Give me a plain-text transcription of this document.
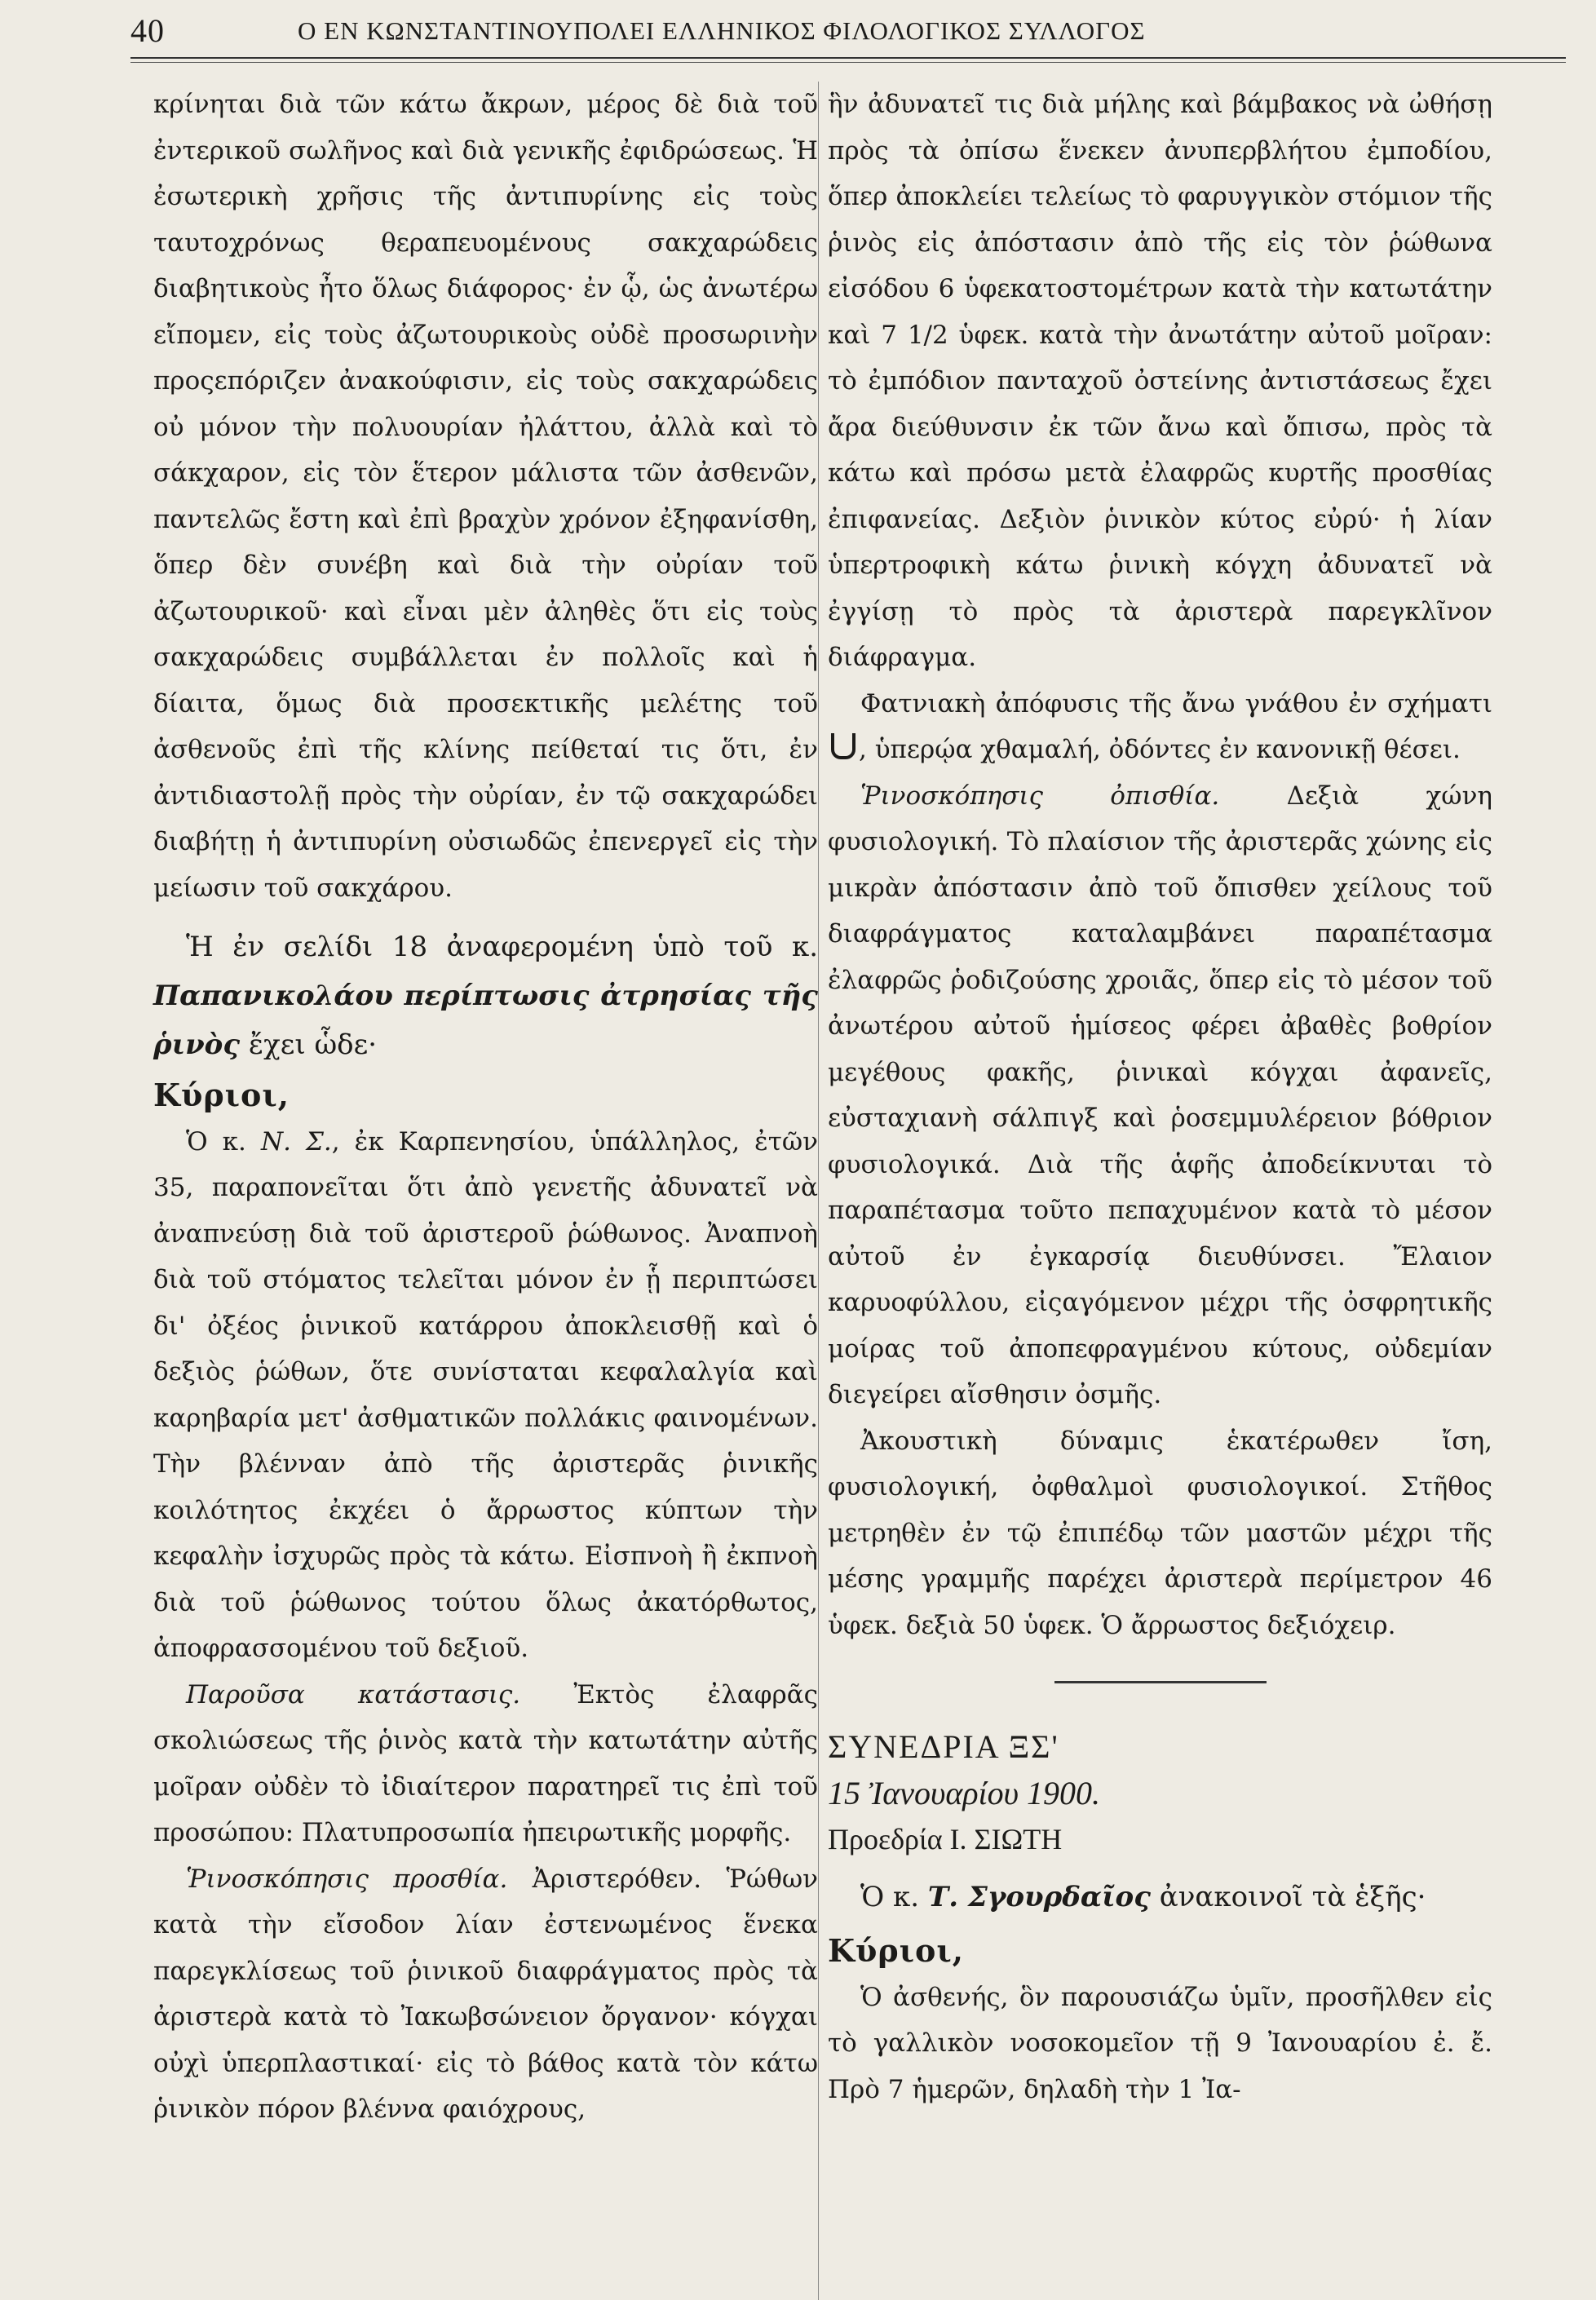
40	Ο ΕΝ ΚΩΝΣΤΑΝΤΙΝΟΥΠΟΛΕΙ ΕΛΛΗΝΙΚΟΣ ΦΙΛΟΛΟΓΙΚΟΣ ΣΥΛΛΟΓΟΣ

κρίνηται διὰ τῶν κάτω ἄκρων, μέρος δὲ διὰ τοῦ ἐντερικοῦ σωλῆνος καὶ διὰ γενικῆς ἐφιδρώσεως. Ἡ ἐσωτερικὴ χρῆσις τῆς ἀντιπυρίνης εἰς τοὺς ταυτοχρόνως θεραπευομένους σακχαρώδεις διαβητικοὺς ἦτο ὅλως διάφορος· ἐν ᾧ, ὡς ἀνωτέρω εἴπομεν, εἰς τοὺς ἀζωτουρικοὺς οὐδὲ προσωρινὴν προςεπόριζεν ἀνακούφισιν, εἰς τοὺς σακχαρώδεις οὐ μόνον τὴν πολυουρίαν ἠλάττου, ἀλλὰ καὶ τὸ σάκχαρον, εἰς τὸν ἕτερον μάλιστα τῶν ἀσθενῶν, παντελῶς ἔστη καὶ ἐπὶ βραχὺν χρόνον ἐξηφανίσθη, ὅπερ δὲν συνέβη καὶ διὰ τὴν οὐρίαν τοῦ ἀζωτουρικοῦ· καὶ εἶναι μὲν ἀληθὲς ὅτι εἰς τοὺς σακχαρώδεις συμβάλλεται ἐν πολλοῖς καὶ ἡ δίαιτα, ὅμως διὰ προσεκτικῆς μελέτης τοῦ ἀσθενοῦς ἐπὶ τῆς κλίνης πείθεταί τις ὅτι, ἐν ἀντιδιαστολῇ πρὸς τὴν οὐρίαν, ἐν τῷ σακχαρώδει διαβήτῃ ἡ ἀντιπυρίνη οὐσιωδῶς ἐπενεργεῖ εἰς τὴν μείωσιν τοῦ σακχάρου.

Ἡ ἐν σελίδι 18 ἀναφερομένη ὑπὸ τοῦ κ. Παπανικολάου περίπτωσις ἀτρησίας τῆς ῥινὸς ἔχει ὧδε·

Κύριοι,

Ὁ κ. Ν. Σ., ἐκ Καρπενησίου, ὑπάλληλος, ἐτῶν 35, παραπονεῖται ὅτι ἀπὸ γενετῆς ἀδυνατεῖ νὰ ἀναπνεύσῃ διὰ τοῦ ἀριστεροῦ ῥώθωνος. Ἀναπνοὴ διὰ τοῦ στόματος τελεῖται μόνον ἐν ᾗ περιπτώσει δι' ὀξέος ῥινικοῦ κατάρρου ἀποκλεισθῇ καὶ ὁ δεξιὸς ῥώθων, ὅτε συνίσταται κεφαλαλγία καὶ καρηβαρία μετ' ἀσθματικῶν πολλάκις φαινομένων. Τὴν βλένναν ἀπὸ τῆς ἀριστερᾶς ῥινικῆς κοιλότητος ἐκχέει ὁ ἄρρωστος κύπτων τὴν κεφαλὴν ἰσχυρῶς πρὸς τὰ κάτω. Εἰσπνοὴ ἢ ἐκπνοὴ διὰ τοῦ ῥώθωνος τούτου ὅλως ἀκατόρθωτος, ἀποφρασσομένου τοῦ δεξιοῦ.

Παροῦσα κατάστασις. Ἐκτὸς ἐλαφρᾶς σκολιώσεως τῆς ῥινὸς κατὰ τὴν κατωτάτην αὐτῆς μοῖραν οὐδὲν τὸ ἰδιαίτερον παρατηρεῖ τις ἐπὶ τοῦ προσώπου: Πλατυπροσωπία ἠπειρωτικῆς μορφῆς.

Ῥινοσκόπησις προσθία. Ἀριστερόθεν. Ῥώθων κατὰ τὴν εἴσοδον λίαν ἐστενωμένος ἕνεκα παρεγκλίσεως τοῦ ῥινικοῦ διαφράγματος πρὸς τὰ ἀριστερὰ κατὰ τὸ Ἰακωβσώνειον ὄργανον· κόγχαι οὐχὶ ὑπερπλαστικαί· εἰς τὸ βάθος κατὰ τὸν κάτω ῥινικὸν πόρον βλέννα φαιόχρους,

ἣν ἀδυνατεῖ τις διὰ μήλης καὶ βάμβακος νὰ ὠθήσῃ πρὸς τὰ ὀπίσω ἕνεκεν ἀνυπερβλήτου ἐμποδίου, ὅπερ ἀποκλείει τελείως τὸ φαρυγγικὸν στόμιον τῆς ῥινὸς εἰς ἀπόστασιν ἀπὸ τῆς εἰς τὸν ῥώθωνα εἰσόδου 6 ὑφεκατοστομέτρων κατὰ τὴν κατωτάτην καὶ 7 1/2 ὑφεκ. κατὰ τὴν ἀνωτάτην αὐτοῦ μοῖραν: τὸ ἐμπόδιον πανταχοῦ ὀστείνης ἀντιστάσεως ἔχει ἄρα διεύθυνσιν ἐκ τῶν ἄνω καὶ ὄπισω, πρὸς τὰ κάτω καὶ πρόσω μετὰ ἐλαφρῶς κυρτῆς προσθίας ἐπιφανείας. Δεξιὸν ῥινικὸν κύτος εὐρύ· ἡ λίαν ὑπερτροφικὴ κάτω ῥινικὴ κόγχη ἀδυνατεῖ νὰ ἐγγίσῃ τὸ πρὸς τὰ ἀριστερὰ παρεγκλῖνον διάφραγμα.

Φατνιακὴ ἀπόφυσις τῆς ἄνω γνάθου ἐν σχήματι , ὑπερῴα χθαμαλή, ὀδόντες ἐν κανονικῇ θέσει.

Ῥινοσκόπησις ὀπισθία. Δεξιὰ χώνη φυσιολογική. Τὸ πλαίσιον τῆς ἀριστερᾶς χώνης εἰς μικρὰν ἀπόστασιν ἀπὸ τοῦ ὄπισθεν χείλους τοῦ διαφράγματος καταλαμβάνει παραπέτασμα ἐλαφρῶς ῥοδιζούσης χροιᾶς, ὅπερ εἰς τὸ μέσον τοῦ ἀνωτέρου αὐτοῦ ἡμίσεος φέρει ἀβαθὲς βοθρίον μεγέθους φακῆς, ῥινικαὶ κόγχαι ἀφανεῖς, εὐσταχιανὴ σάλπιγξ καὶ ῥοσεμμυλέρειον βόθριον φυσιολογικά. Διὰ τῆς ἁφῆς ἀποδείκνυται τὸ παραπέτασμα τοῦτο πεπαχυμένον κατὰ τὸ μέσον αὐτοῦ ἐν ἐγκαρσίᾳ διευθύνσει. Ἔλαιον καρυοφύλλου, εἰςαγόμενον μέχρι τῆς ὀσφρητικῆς μοίρας τοῦ ἀποπεφραγμένου κύτους, οὐδεμίαν διεγείρει αἴσθησιν ὀσμῆς.

Ἀκουστικὴ δύναμις ἑκατέρωθεν ἴση, φυσιολογική, ὀφθαλμοὶ φυσιολογικοί. Στῆθος μετρηθὲν ἐν τῷ ἐπιπέδῳ τῶν μαστῶν μέχρι τῆς μέσης γραμμῆς παρέχει ἀριστερὰ περίμετρον 46 ὑφεκ. δεξιὰ 50 ὑφεκ. Ὁ ἄρρωστος δεξιόχειρ.

ΣΥΝΕΔΡΙΑ ΞΣ'

15 Ἰανουαρίου 1900.

Προεδρία Ι. ΣΙΩΤΗ

Ὁ κ. Τ. Σγουρδαῖος ἀνακοινοῖ τὰ ἑξῆς·

Κύριοι,

Ὁ ἀσθενής, ὃν παρουσιάζω ὑμῖν, προσῆλθεν εἰς τὸ γαλλικὸν νοσοκομεῖον τῇ 9 Ἰανουαρίου ἐ. ἔ. Πρὸ 7 ἡμερῶν, δηλαδὴ τὴν 1 Ἰα-
